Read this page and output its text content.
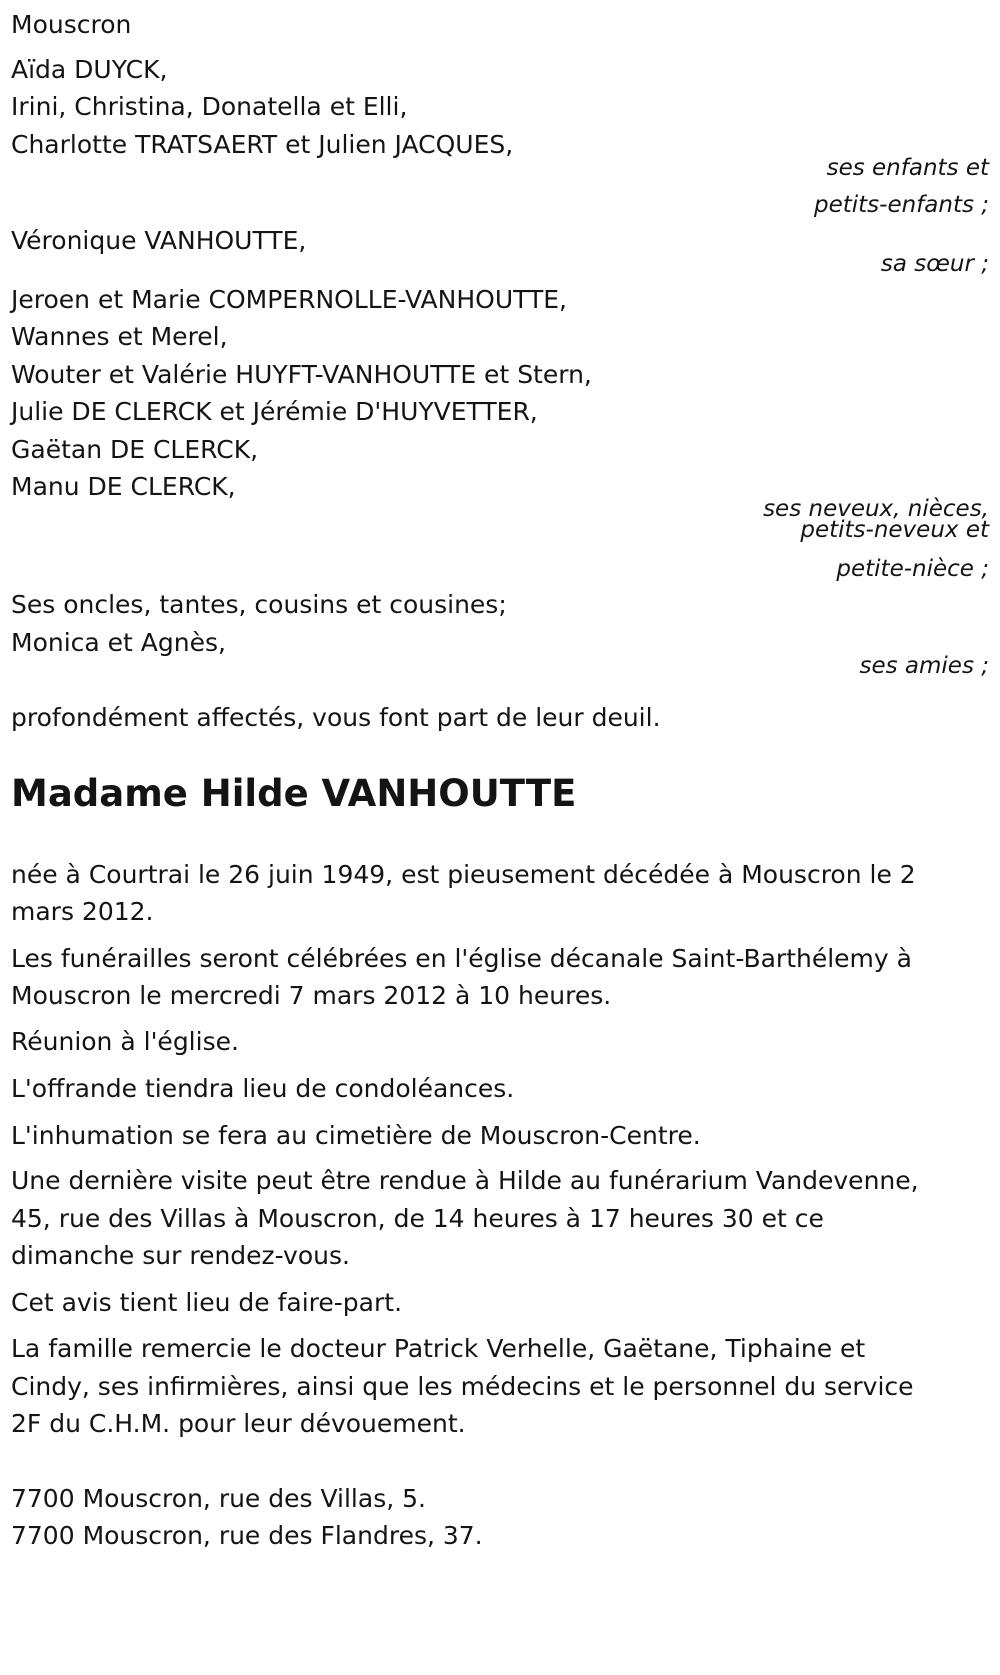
Mouscron
Aïda DUYCK,
Irini, Christina, Donatella et Elli,
Charlotte TRATSAERT et Julien JACQUES,
ses enfants et
petits-enfants ;
Véronique VANHOUTTE,
sa sœur ;
Jeroen et Marie COMPERNOLLE-VANHOUTTE,
Wannes et Merel,
Wouter et Valérie HUYFT-VANHOUTTE et Stern,
Julie DE CLERCK et Jérémie D'HUYVETTER,
Gaëtan DE CLERCK,
Manu DE CLERCK,
ses neveux, nièces,
petits-neveux et
petite-nièce ;
Ses oncles, tantes, cousins et cousines;
Monica et Agnès,
ses amies ;
profondément affectés, vous font part de leur deuil.
Madame Hilde VANHOUTTE
née à Courtrai le 26 juin 1949, est pieusement décédée à Mouscron le 2
mars 2012.
Les funérailles seront célébrées en l'église décanale Saint-Barthélemy à
Mouscron le mercredi 7 mars 2012 à 10 heures.
Réunion à l'église.
L'offrande tiendra lieu de condoléances.
L'inhumation se fera au cimetière de Mouscron-Centre.
Une dernière visite peut être rendue à Hilde au funérarium Vandevenne,
45, rue des Villas à Mouscron, de 14 heures à 17 heures 30 et ce
dimanche sur rendez-vous.
Cet avis tient lieu de faire-part.
La famille remercie le docteur Patrick Verhelle, Gaëtane, Tiphaine et
Cindy, ses infirmières, ainsi que les médecins et le personnel du service
2F du C.H.M. pour leur dévouement.
7700 Mouscron, rue des Villas, 5.
7700 Mouscron, rue des Flandres, 37.
